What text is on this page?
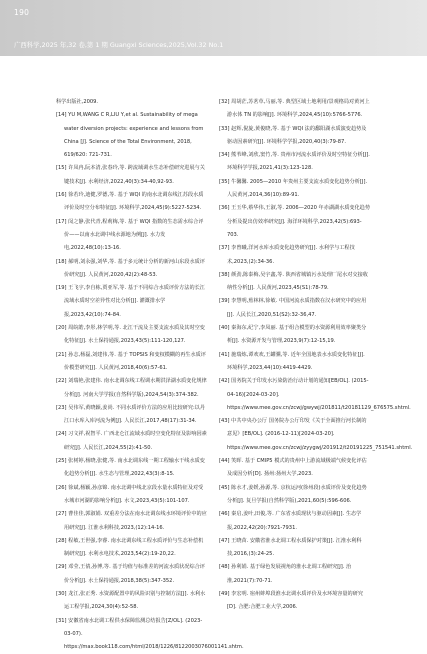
190
广西科学,2025 年,32 卷,第 1 期 Guangxi Sciences,2025,Vol.32 No.1

科学出版社,2009.

[14] YU M,WANG C R,LIU Y,et al. Sustainability of mega water diversion projects: experience and lessons from China [J]. Science of the Total Environment, 2018, 619/620: 721-731.

[15] 许凤冉,阮本清,张春玲,等. 跨流域调水生态补偿研究进展与关键技术[J]. 水利经济,2022,40(3):34-40,92-93.

[16] 徐若玲,迪健,罗德,等. 基于 WQI 的南水北调东线江苏段水质评价及时空分布特征[J]. 环境科学,2024,45(9):5227-5234.

[17] 闵之静,张代青,程莉梅,等. 基于 WQI 指数的生态需水综合评价——以南水北调中线水源地为例[J]. 水力发电,2022,48(10):13-16.

[18] 郝明,刘永强,刘华,等. 基于多元统计分析的新河山东段水质评价研究[J]. 人民黄河,2020,42(2):48-53.

[19] 王飞宇,李自栋,贾亚军,等. 基于不同综合水质评价方法的长江流域水质时空差异性对比分析[J]. 灌溉排水学报,2023,42(10):74-84.

[20] 周皖皓,李彤,林学明,等. 北江干流及主要支流水质及其时空变化特征[J]. 水土保持通报,2023,43(5):111-120,127.

[21] 孙志,杨磊,刘建伟,等. 基于 TOPSIS 和变权模糊的再生水质评价模型研究[J]. 人民黄河,2018,40(6):57-61.

[22] 刘瑞艳,张建伟. 南水北调东线工程调水期洪泽湖水质变化规律分析[J]. 河南大学学报(自然科学版),2024,54(3):374-382.

[23] 吴伟军,黄晓颖,姜尚. 不同水质评价方法的应用比较研究:以丹江口水库入库河流为例[J]. 人民长江,2017,48(17):31-34.

[24] 习文祥,祝智平. 广西北仑江流域水质时空变化特征及影响因素研究[J]. 人民长江,2024,55(2):41-50.

[25] 张树婷,杨晓,张健,等. 南水北调东线一期工程输水干线水质变化趋势分析[J]. 水生态与管理,2022,43(3):8-15.

[26] 徐斌,杨颖,孙彦锦. 南水北调中线北京段水量水质特征及对受水城市河湖的影响分析[J]. 水文,2023,43(5):101-107.

[27] 曹佳佳,郭淑娟. 双重差分法在南水北调东线水环境评价中的应用研究[J]. 江淮水利科技,2023,(12):14-16.

[28] 程敏,王世强,李睿. 南水北调东线工程水质评价与生态补偿机制研究[J]. 水利水电技术,2023,54(2):19-20,22.

[29] 邓莹,王倩,孙博,等. 基于均值与标准差的河流水质状况综合评价分析[J]. 水土保持通报,2018,38(5):347-352.

[30] 龙江,张正秀. 水资源配置中的风险识别与控制方法[J]. 水利水运工程学报,2024,30(4):52-58.

[31] 安徽省南水北调工程供水保障监测总结报告[Z/OL]. (2023-03-07). https://max.book118.com/html/2018/1226/8122003076001141.shtm.

[32] 周胡茫,苏茗草,马丽,等. 典型区域土地利用/景观格局对黄河上游水体 TN 的影响[J]. 环境科学,2024,45(10):5766-5776.

[33] 赵辉,倪旋,黄俊晓,等. 基于 WQI 法的鄱阳湖水质演变趋势及驱动因素研究[J]. 环境科学学报,2020,40(3):79-87.

[34] 熊苇峰,刘欣,窦竹,等. 贵州市河流水质评价及时空特征分析[J]. 环境科学学报,2021,41(3):123-128.

[35] 牛馨馨. 2005—2010 年贵州主要支流水质变化趋势分析[J]. 人民黄河,2014,36(10):89-91.

[36] 王玉华,蔡华伟,王淑,等. 2006—2020 年赤湖湖水质变化趋势分析及提出仿效率研究[J]. 海洋环境科学,2023,42(5):693-703.

[37] 李曾曦,洋河水库水质变化趋势研究[J]. 水利学与工程技术,2023,(2):34-36.

[38] 颜劲,陈泰梅,吴宇鑫,等. 陕西省城镇污水处理厂尾水对交接收纳性分析[J]. 人民黄河,2023,45(S1):78-79.

[39] 李慧明,蕉林林,徐敏. 中国河流水质指数在汉水研究中的应用[J]. 人民长江,2020,51(S2):32-36,47.

[40] 秦海东,纪宁,李凤丽. 基于组合模型的水资源利用效率聚类分析[J]. 水资源开发与管理,2023,9(7):12-15,19.

[41] 施瑞炼,谭欢欢,王罐骥,等. 近年全国地表水水质变化特征[J]. 环境科学,2023,44(10):4419-4429.

[42] 国务院关于印发水污染防治行动计划的通知[EB/OL]. (2015-04-16)[2024-03-20]. https://www.mee.gov.cn/zcwj/gwywj/201811/t20181129_676575.shtml.

[43] 中共中央办公厅 国务院办公厅印发《关于全面推行河长制的意见》[EB/OL]. (2016-12-11)[2024-03-20]. https://www.mee.gov.cn/zcwj/zyygwj/201912/t20191225_751541.shtml.

[44] 笑晖. 基于 CMIP5 模式的贵州中上游流域极端气候变化评估及成因分析[D]. 扬州:扬州大学,2023.

[45] 陈水才,姜媛,孙源,等. 京杭运河(徐州段)水质评价及变化趋势分析[J]. 复旦学报(自然科学版),2021,60(5):596-606.

[46] 秦启,姜叶,田俊,等. 广东省水质现状与驱动因素[J]. 生态学报,2022,42(20):7921-7931.

[47] 王晓苗. 安徽省淮水北调工程水质保护对策[J]. 江淮水利科技,2016,(3):24-25.

[48] 孙利娟. 基于绿色发展视角的淮水北调工程研究[J]. 治淮,2021(7):70-71.

[49] 李宏明. 宿州蚌埠段淮水北调水质评价及水环境容量的研究[D]. 合肥:合肥工业大学,2006.
